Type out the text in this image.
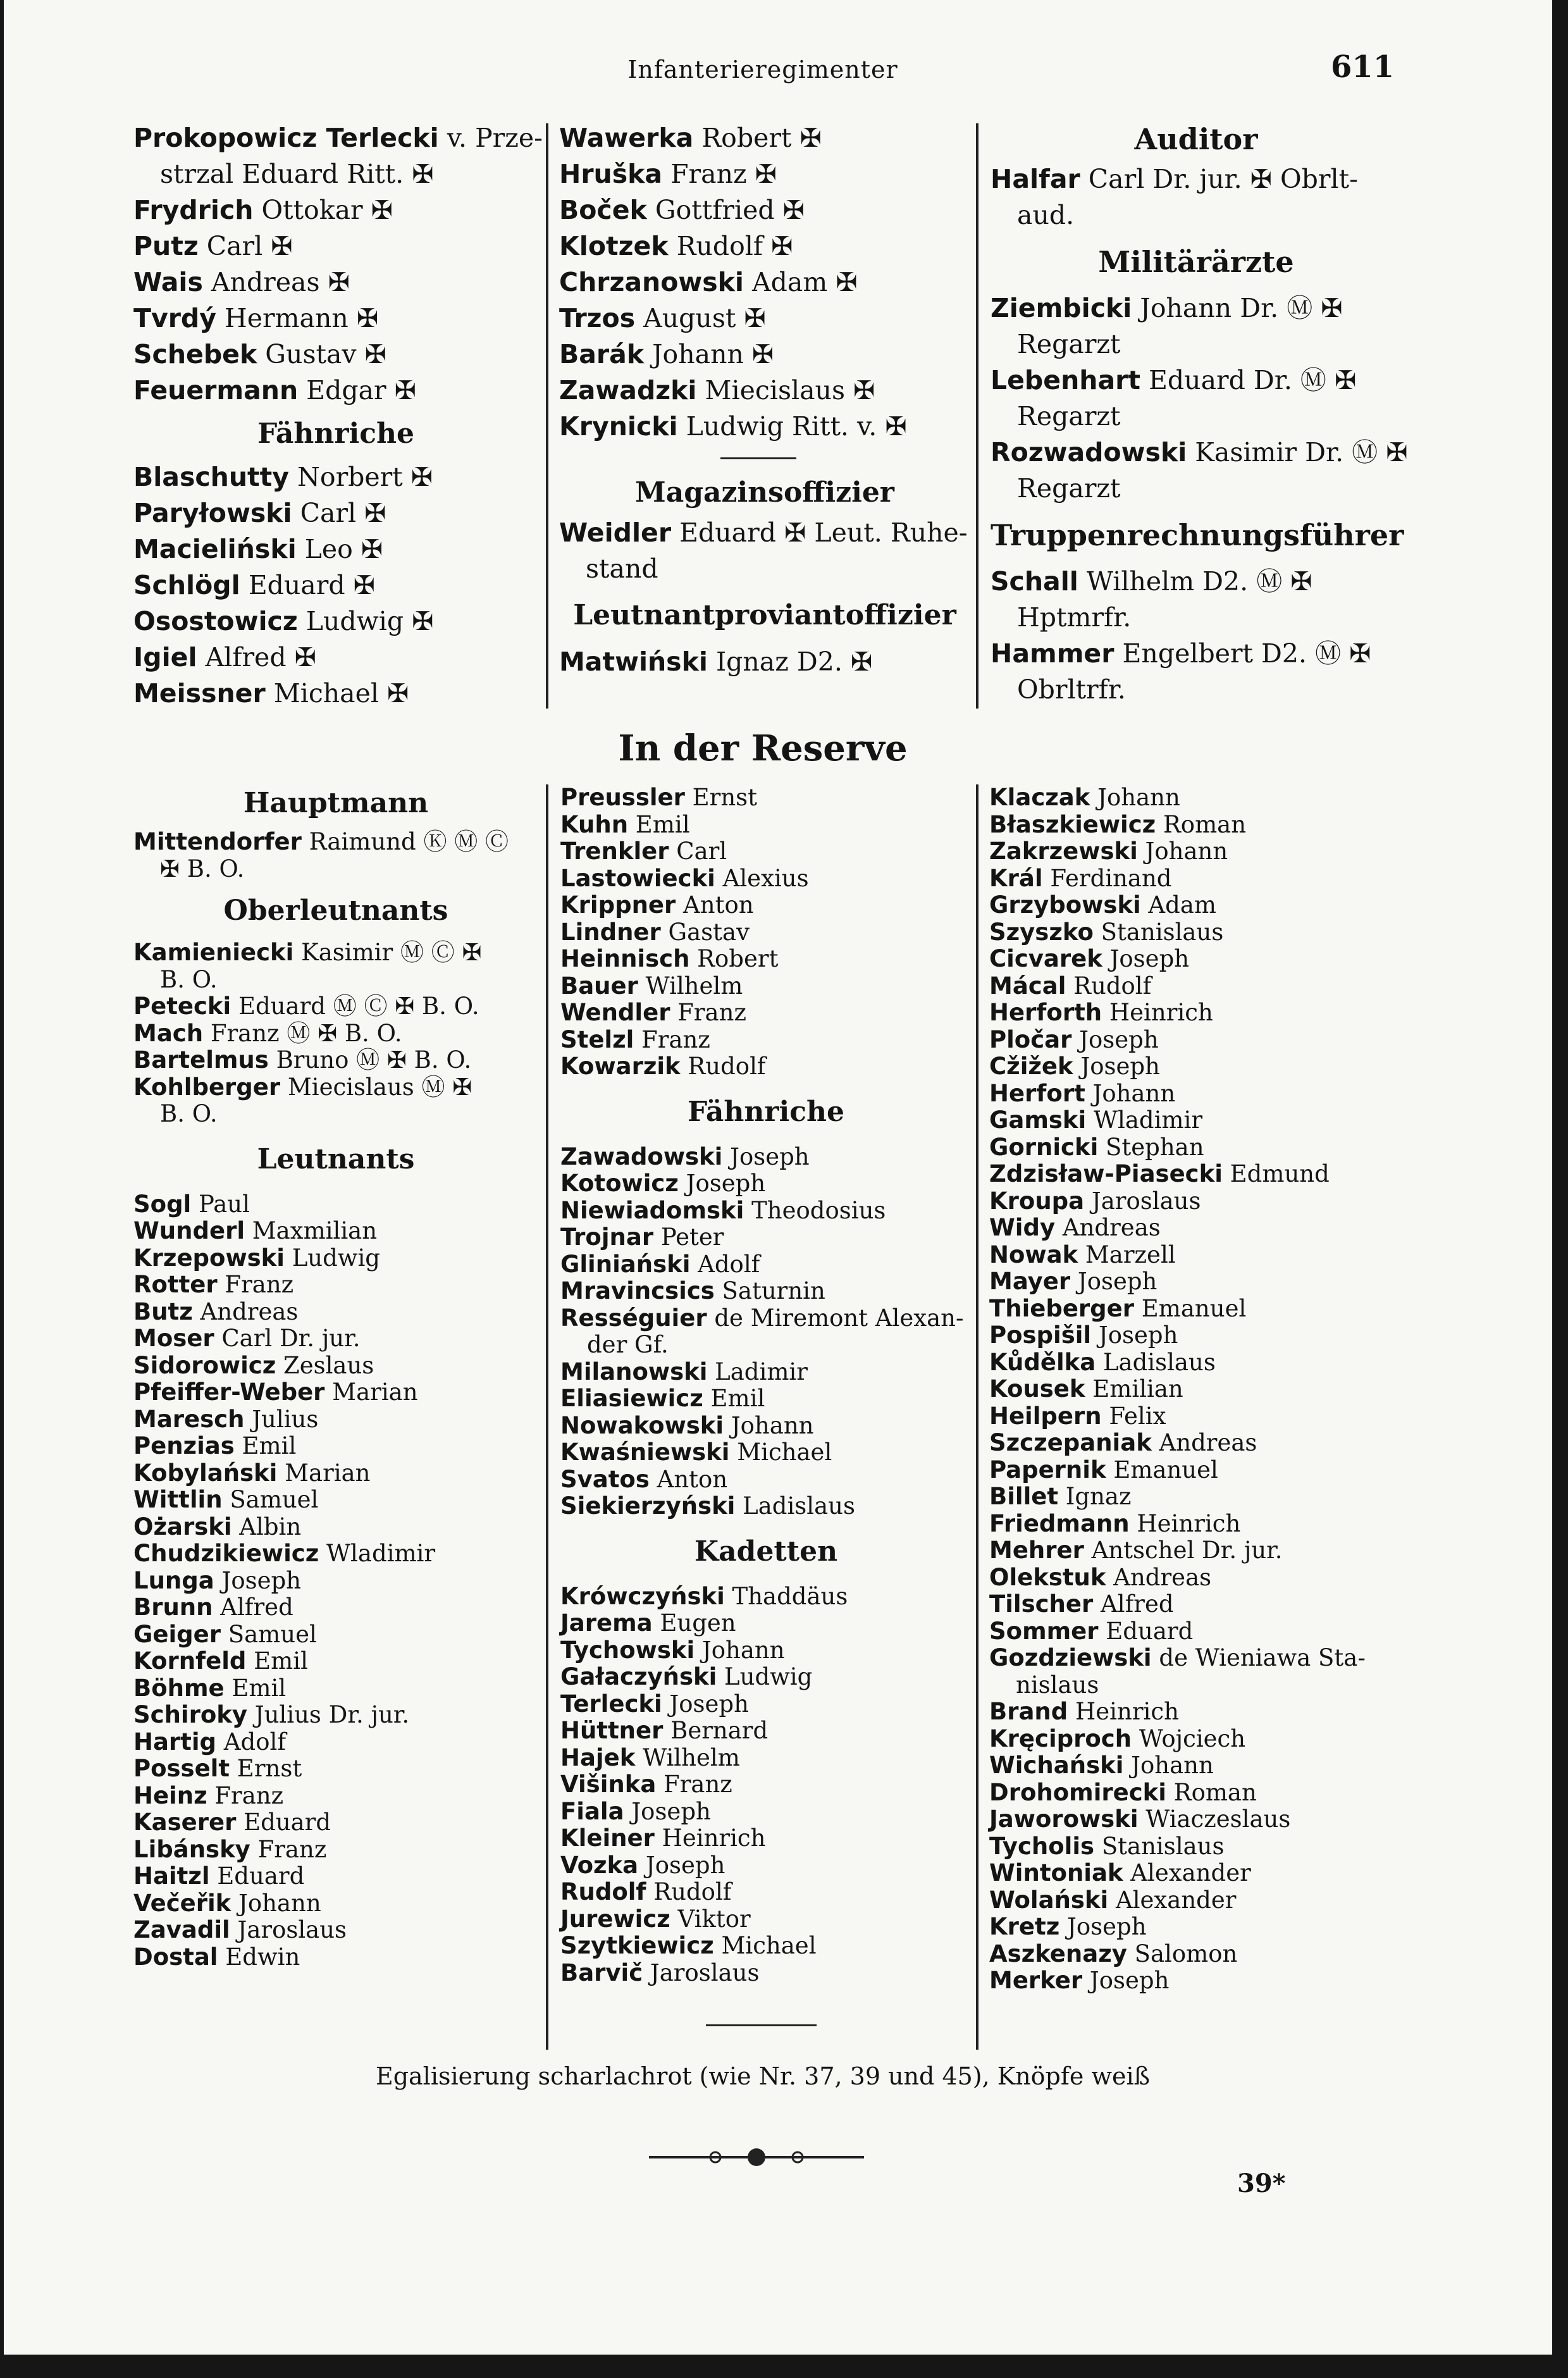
Infanterieregimenter	611
Prokopowicz Terlecki v. Prze-
strzal Eduard Ritt. ✠
Frydrich Ottokar ✠
Putz Carl ✠
Wais Andreas ✠
Tvrdý Hermann ✠
Schebek Gustav ✠
Feuermann Edgar ✠
Fähnriche
Blaschutty Norbert ✠
Paryłowski Carl ✠
Macieliński Leo ✠
Schlögl Eduard ✠
Osostowicz Ludwig ✠
Igiel Alfred ✠
Meissner Michael ✠
Wawerka Robert ✠
Hruška Franz ✠
Boček Gottfried ✠
Klotzek Rudolf ✠
Chrzanowski Adam ✠
Trzos August ✠
Barák Johann ✠
Zawadzki Miecislaus ✠
Krynicki Ludwig Ritt. v. ✠
Magazinsoffizier
Weidler Eduard ✠ Leut. Ruhe-
stand
Leutnantproviantoffizier
Matwiński Ignaz D2. ✠
Auditor
Halfar Carl Dr. jur. ✠ Obrlt-
aud.
Militärärzte
Ziembicki Johann Dr. Ⓜ ✠
Regarzt
Lebenhart Eduard Dr. Ⓜ ✠
Regarzt
Rozwadowski Kasimir Dr. Ⓜ ✠
Regarzt
Truppenrechnungsführer
Schall Wilhelm D2. Ⓜ ✠
Hptmrfr.
Hammer Engelbert D2. Ⓜ ✠
Obrltrfr.
In der Reserve
Hauptmann
Mittendorfer Raimund Ⓚ Ⓜ Ⓒ
✠ B. O.
Oberleutnants
Kamieniecki Kasimir Ⓜ Ⓒ ✠
B. O.
Petecki Eduard Ⓜ Ⓒ ✠ B. O.
Mach Franz Ⓜ ✠ B. O.
Bartelmus Bruno Ⓜ ✠ B. O.
Kohlberger Miecislaus Ⓜ ✠
B. O.
Leutnants
Sogl Paul
Wunderl Maxmilian
Krzepowski Ludwig
Rotter Franz
Butz Andreas
Moser Carl Dr. jur.
Sidorowicz Zeslaus
Pfeiffer-Weber Marian
Maresch Julius
Penzias Emil
Kobylański Marian
Wittlin Samuel
Ożarski Albin
Chudzikiewicz Wladimir
Lunga Joseph
Brunn Alfred
Geiger Samuel
Kornfeld Emil
Böhme Emil
Schiroky Julius Dr. jur.
Hartig Adolf
Posselt Ernst
Heinz Franz
Kaserer Eduard
Libánsky Franz
Haitzl Eduard
Večeřik Johann
Zavadil Jaroslaus
Dostal Edwin
Preussler Ernst
Kuhn Emil
Trenkler Carl
Lastowiecki Alexius
Krippner Anton
Lindner Gastav
Heinnisch Robert
Bauer Wilhelm
Wendler Franz
Stelzl Franz
Kowarzik Rudolf
Fähnriche
Zawadowski Joseph
Kotowicz Joseph
Niewiadomski Theodosius
Trojnar Peter
Gliniański Adolf
Mravincsics Saturnin
Rességuier de Miremont Alexan-
der Gf.
Milanowski Ladimir
Eliasiewicz Emil
Nowakowski Johann
Kwaśniewski Michael
Svatos Anton
Siekierzyński Ladislaus
Kadetten
Krówczyński Thaddäus
Jarema Eugen
Tychowski Johann
Gałaczyński Ludwig
Terlecki Joseph
Hüttner Bernard
Hajek Wilhelm
Višinka Franz
Fiala Joseph
Kleiner Heinrich
Vozka Joseph
Rudolf Rudolf
Jurewicz Viktor
Szytkiewicz Michael
Barvič Jaroslaus
Klaczak Johann
Błaszkiewicz Roman
Zakrzewski Johann
Král Ferdinand
Grzybowski Adam
Szyszko Stanislaus
Cicvarek Joseph
Mácal Rudolf
Herforth Heinrich
Pločar Joseph
Cžižek Joseph
Herfort Johann
Gamski Wladimir
Gornicki Stephan
Zdzisław-Piasecki Edmund
Kroupa Jaroslaus
Widy Andreas
Nowak Marzell
Mayer Joseph
Thieberger Emanuel
Pospišil Joseph
Kůdělka Ladislaus
Kousek Emilian
Heilpern Felix
Szczepaniak Andreas
Papernik Emanuel
Billet Ignaz
Friedmann Heinrich
Mehrer Antschel Dr. jur.
Olekstuk Andreas
Tilscher Alfred
Sommer Eduard
Gozdziewski de Wieniawa Sta-
nislaus
Brand Heinrich
Kręciproch Wojciech
Wichański Johann
Drohomirecki Roman
Jaworowski Wiaczeslaus
Tycholis Stanislaus
Wintoniak Alexander
Wolański Alexander
Kretz Joseph
Aszkenazy Salomon
Merker Joseph
Egalisierung scharlachrot (wie Nr. 37, 39 und 45), Knöpfe weiß
39*
